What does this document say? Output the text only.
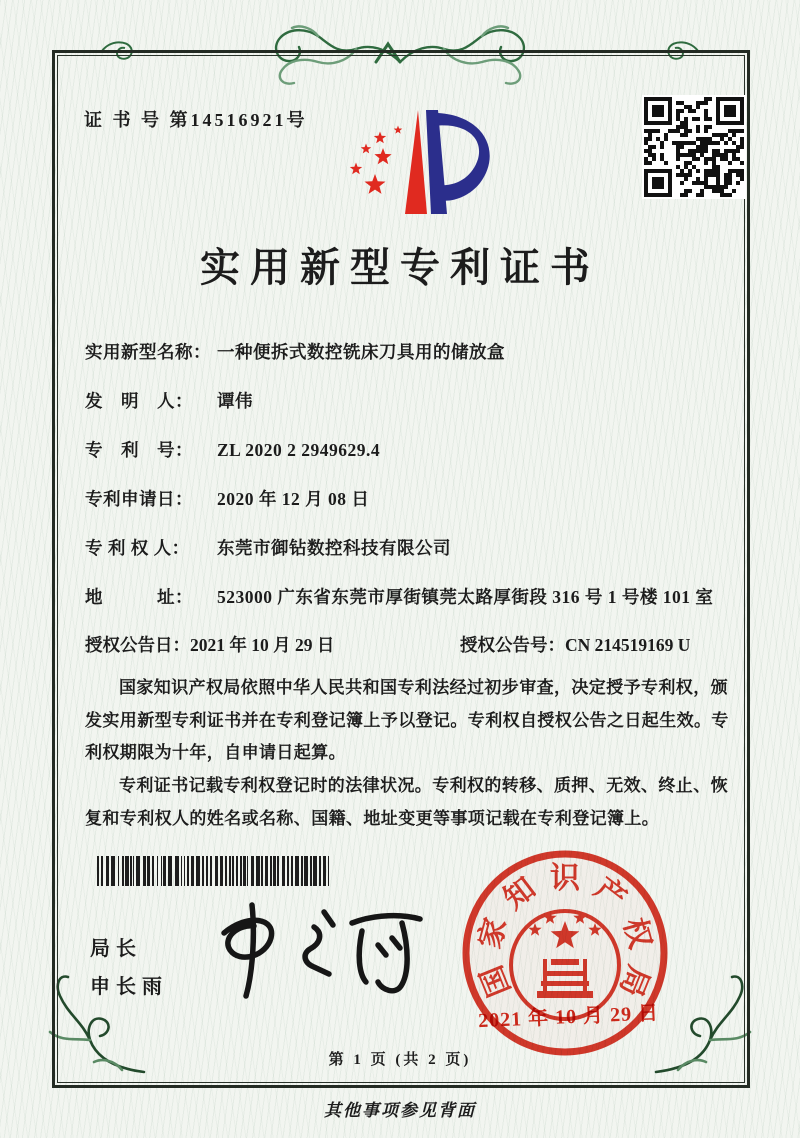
证 书 号 第14516921号
实用新型专利证书
实用新型名称： 一种便拆式数控铣床刀具用的储放盒
发　明　人：	谭伟
专　利　号：	ZL 2020 2 2949629.4
专利申请日：	2020 年 12 月 08 日
专 利 权 人：	东莞市御钻数控科技有限公司
地　　　址：	523000 广东省东莞市厚街镇莞太路厚街段 316 号 1 号楼 101 室
授权公告日：2021 年 10 月 29 日	授权公告号：CN 214519169 U

国家知识产权局依照中华人民共和国专利法经过初步审查，决定授予专利权，颁发实用新型专利证书并在专利登记簿上予以登记。专利权自授权公告之日起生效。专利权期限为十年，自申请日起算。

专利证书记载专利权登记时的法律状况。专利权的转移、质押、无效、终止、恢复和专利权人的姓名或名称、国籍、地址变更等事项记载在专利登记簿上。

局长
申长雨	国
家
知 识 产
权
局
2021 年 10 月 29 日
第 1 页 (共 2 页)
其他事项参见背面
